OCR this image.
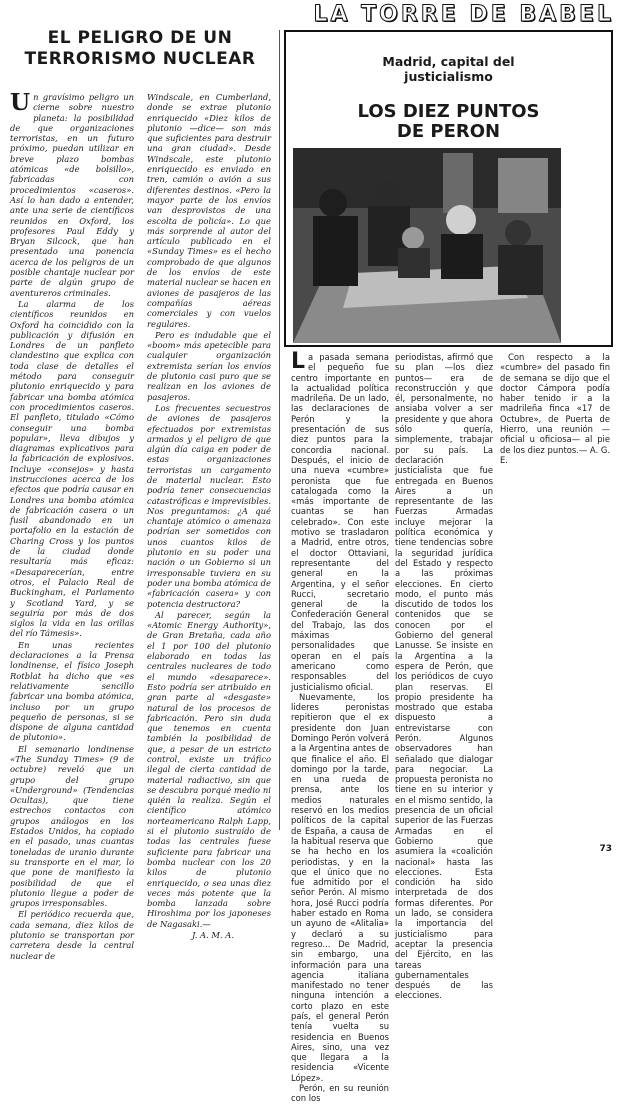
LA TORRE DE BABEL
EL PELIGRO DE UN
TERRORISMO NUCLEAR

Un gravísimo peligro un cierne sobre nuestro planeta: la posibilidad de que organizaciones terroristas, en un futuro próximo, puedan utilizar en breve plazo bombas atómicas «de bolsillo», fabricadas con procedimientos «caseros». Así lo han dado a entender, ante una serie de científicos reunidos en Oxford, los profesores Paul Eddy y Bryan Silcock, que han presentado una ponencia acerca de los peligros de un posible chantaje nuclear por parte de algún grupo de aventureros criminales.

La alarma de los científicos reunidos en Oxford ha coincidido con la publicación y difusión en Londres de un panfleto clandestino que explica con toda clase de detalles el método para conseguir plutonio enriquecido y para fabricar una bomba atómica con procedimientos caseros. El panfleto, titulado «Cómo conseguir una bomba popular», lleva dibujos y diagramas explicativos para la fabricación de explosivos. Incluye «consejos» y hasta instrucciones acerca de los efectos que podría causar en Londres una bomba atómica de fabricación casera o un fusil abandonado en un portafolio en la estación de Charing Cross y los puntos de la ciudad donde resultaría más eficaz: «Desaparecerían, entre otros, el Palacio Real de Buckingham, el Parlamento y Scotland Yard, y se seguiría por más de dos siglos la vida en las orillas del río Támesis».

En unas recientes declaraciones a la Prensa londinense, el físico Joseph Rotblat ha dicho que «es relativamente sencillo fabricar una bomba atómica, incluso por un grupo pequeño de personas, si se dispone de alguna cantidad de plutonio».

El semanario londinense «The Sunday Times» (9 de octubre) reveló que un grupo del grupo «Underground» (Tendencias Ocultas), que tiene estrechos contactos con grupos análogos en los Estados Unidos, ha copiado en el pasado, unas cuantas toneladas de uranio durante su transporte en el mar, lo que pone de manifiesto la posibilidad de que el plutonio llegue a poder de grupos irresponsables.

El periódico recuerda que, cada semana, diez kilos de plutonio se transportan por carretera desde la central nuclear de

Windscale, en Cumberland, donde se extrae plutonio enriquecido «Diez kilos de plutonio —dice— son más que suficientes para destruir una gran ciudad». Desde Windscale, este plutonio enriquecido es enviado en tren, camión o avión a sus diferentes destinos. «Pero la mayor parte de los envíos van desprovistos de una escolta de policía». Lo que más sorprende al autor del artículo publicado en el «Sunday Times» es el hecho comprobado de que algunos de los envíos de este material nuclear se hacen en aviones de pasajeros de las compañías aéreas comerciales y con vuelos regulares.

Pero es indudable que el «boom» más apetecible para cualquier organización extremista serían los envíos de plutonio casi puro que se realizan en los aviones de pasajeros.

Los frecuentes secuestros de aviones de pasajeros efectuados por extremistas armados y el peligro de que algún día caiga en poder de estas organizaciones terroristas un cargamento de material nuclear. Esto podría tener consecuencias catastróficas e imprevisibles. Nos preguntamos: ¿A qué chantaje atómico o amenaza podrían ser sometidos con unos cuantos kilos de plutonio en su poder una nación o un Gobierno si un irresponsable tuviera en su poder una bomba atómica de «fabricación casera» y con potencia destructora?

Al parecer, según la «Atomic Energy Authority», de Gran Bretaña, cada año el 1 por 100 del plutonio elaborado en todas las centrales nucleares de todo el mundo «desaparece». Esto podría ser atribuido en gran parte al «desgaste» natural de los procesos de fabricación. Pero sin duda que tenemos en cuenta también la posibilidad de que, a pesar de un estricto control, existe un tráfico ilegal de cierta cantidad de material radiactivo, sin que se descubra porqué medio ni quién la realiza. Según el científico atómico norteamericano Ralph Lapp, si el plutonio sustraído de todas las centrales fuese suficiente para fabricar una bomba nuclear con los 20 kilos de plutonio enriquecido, o sea unas diez veces más potente que la bomba lanzada sobre Hiroshima por los japoneses de Nagasaki.—

J. A. M. A.

Madrid, capital del
justicialismo
LOS DIEZ PUNTOS
DE PERON

La pasada semana el pequeño fue centro importante en la actualidad política madrileña. De un lado, las declaraciones de Perón y la presentación de sus diez puntos para la concordia nacional. Después, el inicio de una nueva «cumbre» peronista que fue catalogada como la «más importante de cuantas se han celebrado». Con este motivo se trasladaron a Madrid, entre otros, el doctor Ottaviani, representante del general en la Argentina, y el señor Rucci, secretario general de la Confederación General del Trabajo, las dos máximas personalidades que operan en el país americano como responsables del justicialismo oficial.

Nuevamente, los lideres peronistas repitieron que el ex presidente don Juan Domingo Perón volverá a la Argentina antes de que finalice el año. El domingo por la tarde, en una rueda de prensa, ante los medios naturales reservó en los medios políticos de la capital de España, a causa de la habitual reserva que se ha hecho en los periodistas, y en la que el único que no fue admitido por el señor Perón. Al mismo hora, José Rucci podría haber estado en Roma un ayuno de «Alitalia» y declaró a su regreso... De Madrid, sin embargo, una información para una agencia italiana manifestado no tener ninguna intención a corto plazo en este país, el general Perón tenía vuelta su residencia en Buenos Aires, sino, una vez que llegara a la residencia «Vicente López».

Perón, en su reunión con los

periodistas, afirmó que su plan —los diez puntos— era de reconstrucción y que él, personalmente, no ansiaba volver a ser presidente y que ahora sólo quería, simplemente, trabajar por su país. La declaración justicialista que fue entregada en Buenos Aires a un representante de las Fuerzas Armadas incluye mejorar la política económica y tiene tendencias sobre la seguridad jurídica del Estado y respecto a las próximas elecciones. En cierto modo, el punto más discutido de todos los contenidos que se conocen por el Gobierno del general Lanusse. Se insiste en la Argentina a la espera de Perón, que los periódicos de cuyo plan reservas. El propio presidente ha mostrado que estaba dispuesto a entrevistarse con Perón. Algunos observadores han señalado que dialogar para negociar. La propuesta peronista no tiene en su interior y en el mismo sentido, la presencia de un oficial superior de las Fuerzas Armadas en el Gobierno que asumiera la «coalición nacional» hasta las elecciones. Esta condición ha sido interpretada de dos formas diferentes. Por un lado, se considera la importancia del justicialismo para aceptar la presencia del Ejército, en las tareas gubernamentales después de las elecciones.

Con respecto a la «cumbre» del pasado fin de semana se dijo que el doctor Cámpora podía haber tenido ir a la madrileña finca «17 de Octubre», de Puerta de Hierro, una reunión —oficial u oficiosa— al pie de los diez puntos.— A. G. E.

73
